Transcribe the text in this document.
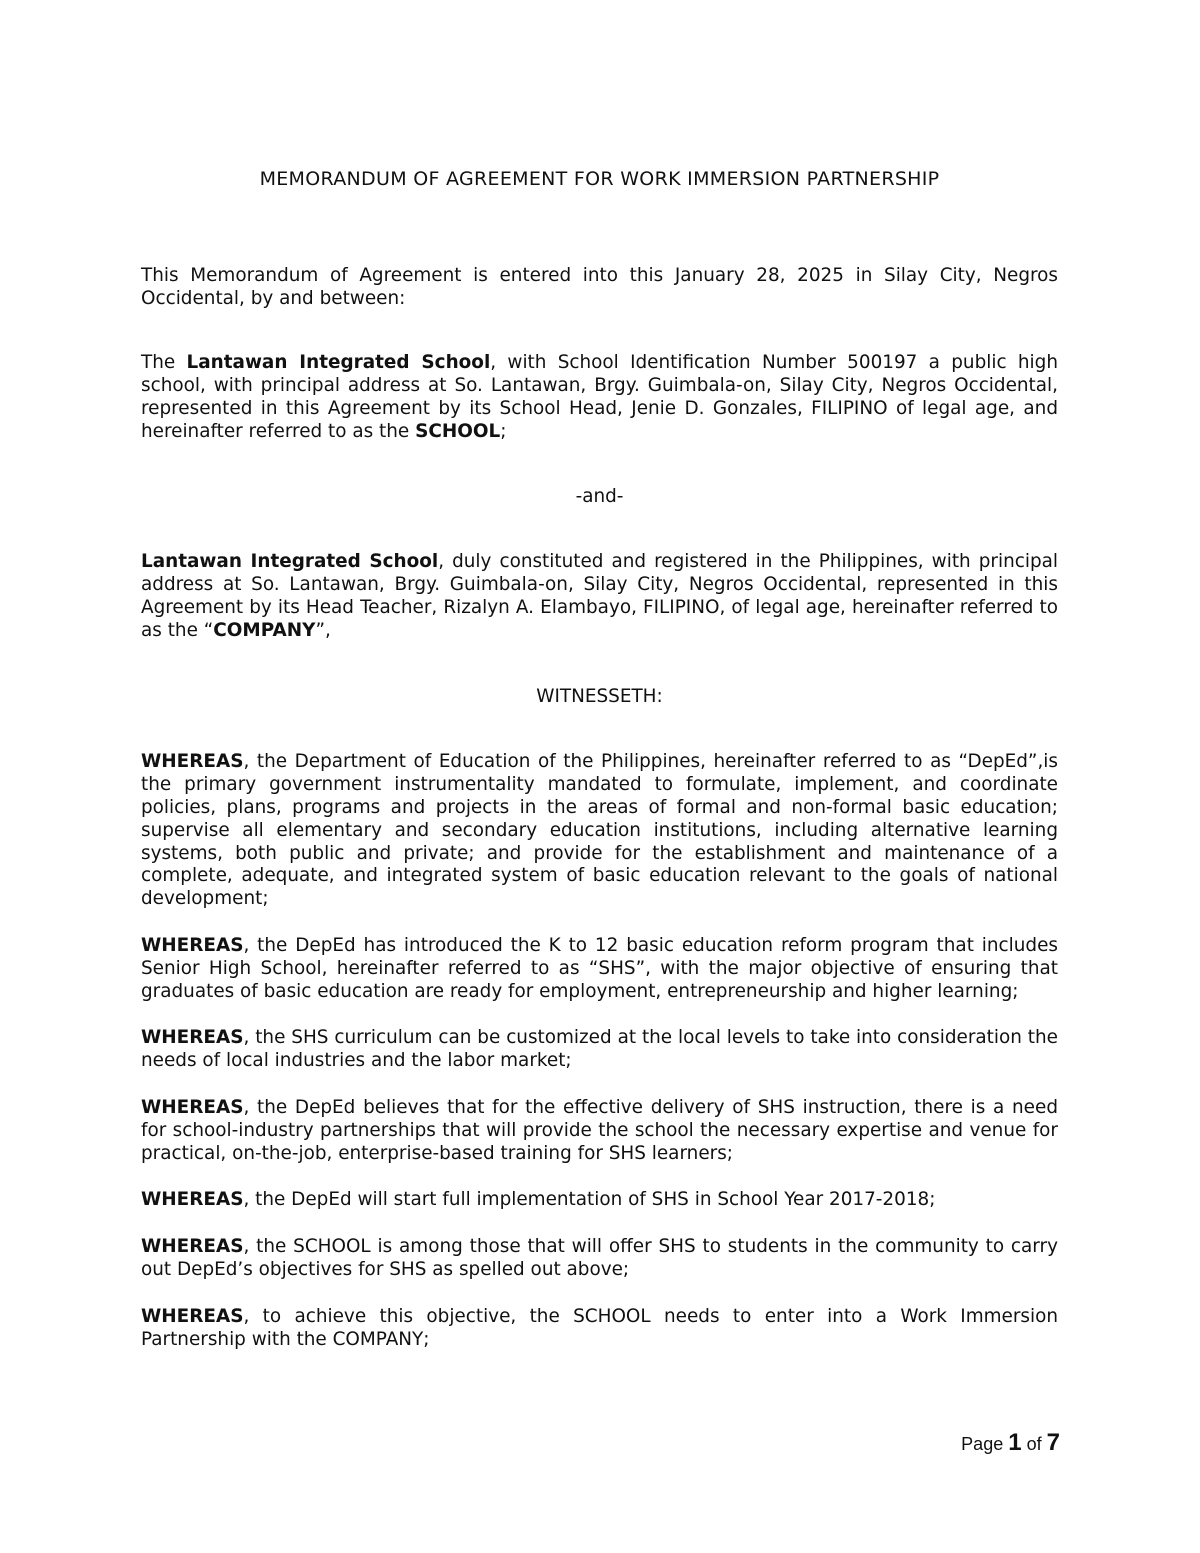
MEMORANDUM OF AGREEMENT FOR WORK IMMERSION PARTNERSHIP

This Memorandum of Agreement is entered into this January 28, 2025 in Silay City, Negros Occidental, by and between:

The Lantawan Integrated School, with School Identification Number 500197 a public high school, with principal address at So. Lantawan, Brgy. Guimbala-on, Silay City, Negros Occidental, represented in this Agreement by its School Head, Jenie D. Gonzales, FILIPINO of legal age, and hereinafter referred to as the SCHOOL;

-and-

Lantawan Integrated School, duly constituted and registered in the Philippines, with principal address at So. Lantawan, Brgy. Guimbala-on, Silay City, Negros Occidental, represented in this Agreement by its Head Teacher, Rizalyn A. Elambayo, FILIPINO, of legal age, hereinafter referred to as the “COMPANY”,

WITNESSETH:

WHEREAS, the Department of Education of the Philippines, hereinafter referred to as “DepEd”,is the primary government instrumentality mandated to formulate, implement, and coordinate policies, plans, programs and projects in the areas of formal and non-formal basic education; supervise all elementary and secondary education institutions, including alternative learning systems, both public and private; and provide for the establishment and maintenance of a complete, adequate, and integrated system of basic education relevant to the goals of national development;

WHEREAS, the DepEd has introduced the K to 12 basic education reform program that includes Senior High School, hereinafter referred to as “SHS”, with the major objective of ensuring that graduates of basic education are ready for employment, entrepreneurship and higher learning;

WHEREAS, the SHS curriculum can be customized at the local levels to take into consideration the needs of local industries and the labor market;

WHEREAS, the DepEd believes that for the effective delivery of SHS instruction, there is a need for school-industry partnerships that will provide the school the necessary expertise and venue for practical, on-the-job, enterprise-based training for SHS learners;

WHEREAS, the DepEd will start full implementation of SHS in School Year 2017-2018;

WHEREAS, the SCHOOL is among those that will offer SHS to students in the community to carry out DepEd’s objectives for SHS as spelled out above;

WHEREAS, to achieve this objective, the SCHOOL needs to enter into a Work Immersion Partnership with the COMPANY;

Page 1 of 7
